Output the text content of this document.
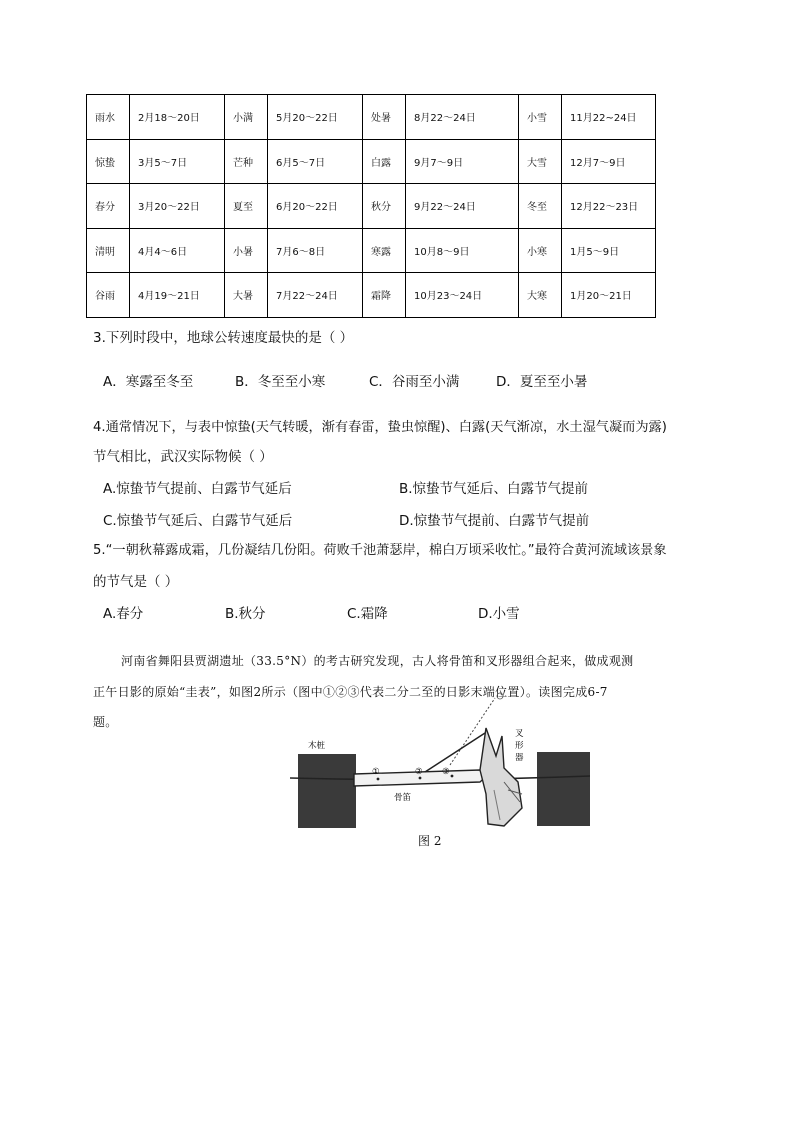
雨水	2月18～20日	小满	5月20～22日	处暑	8月22～24日	小雪	11月22~24日
惊蛰	3月5～7日	芒种	6月5～7日	白露	9月7～9日	大雪	12月7～9日
春分	3月20～22日	夏至	6月20～22日	秋分	9月22～24日	冬至	12月22～23日
清明	4月4～6日	小暑	7月6～8日	寒露	10月8～9日	小寒	1月5～9日
谷雨	4月19～21日	大暑	7月22～24日	霜降	10月23～24日	大寒	1月20～21日
3.下列时段中，地球公转速度最快的是（ ）
A．寒露至冬至	B．冬至至小寒	C．谷雨至小满	D．夏至至小暑
4.通常情况下，与表中惊蛰(天气转暖，渐有春雷，蛰虫惊醒)、白露(天气渐凉，水土湿气凝而为露)
节气相比，武汉实际物候（ ）
A.惊蛰节气提前、白露节气延后	B.惊蛰节气延后、白露节气提前
C.惊蛰节气延后、白露节气延后	D.惊蛰节气提前、白露节气提前
5.“一朝秋幕露成霜，几份凝结几份阳。荷败千池萧瑟岸，棉白万顷采收忙。”最符合黄河流域该景象
的节气是（ ）
A.春分	B.秋分	C.霜降	D.小雪
河南省舞阳县贾湖遗址（33.5°N）的考古研究发现，古人将骨笛和叉形器组合起来，做成观测
正午日影的原始“圭表”，如图2所示（图中①②③代表二分二至的日影末端位置）。读图完成6-7
题。
木桩
叉
形
器
骨笛
①	② ③
图 2
